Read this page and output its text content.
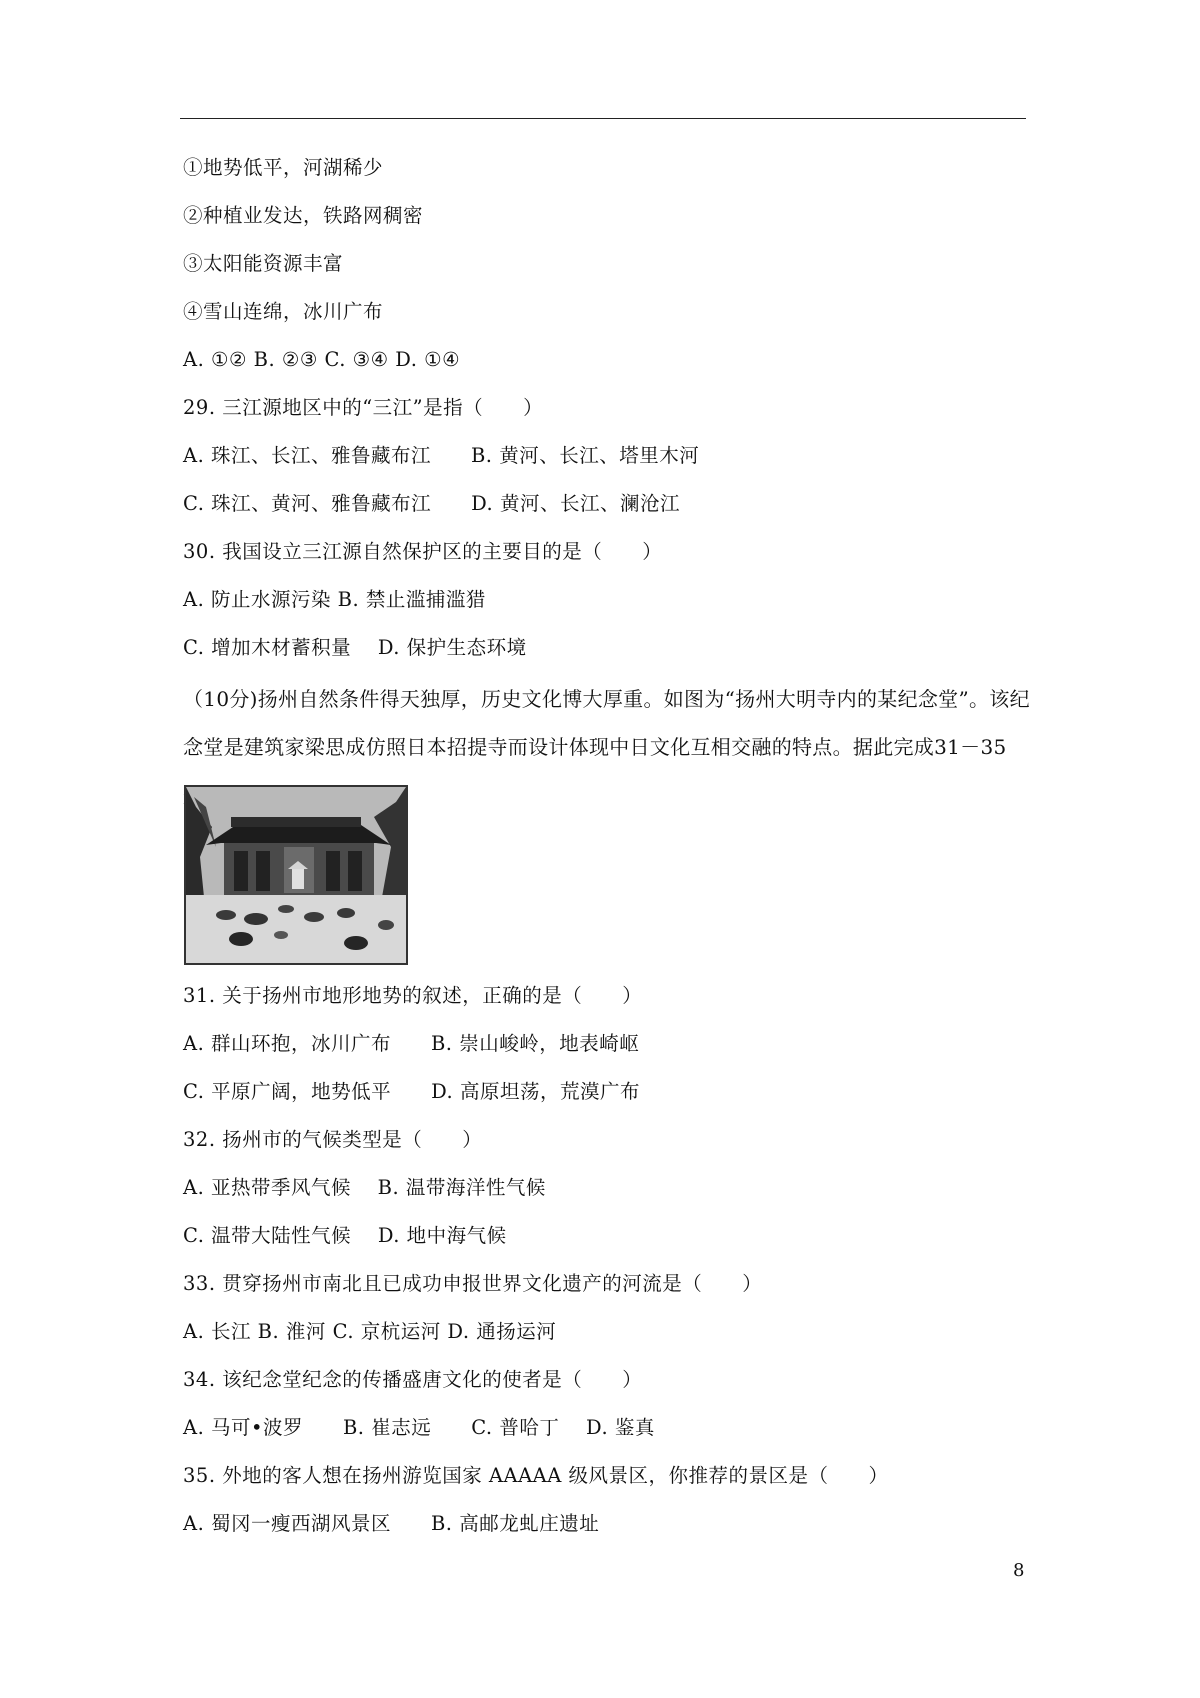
①地势低平，河湖稀少
②种植业发达，铁路网稠密
③太阳能资源丰富
④雪山连绵，冰川广布
A. ①② B. ②③ C. ③④ D. ①④
29. 三江源地区中的“三江”是指（　　）
A. 珠江、长江、雅鲁藏布江　　B. 黄河、长江、塔里木河
C. 珠江、黄河、雅鲁藏布江　　D. 黄河、长江、澜沧江
30. 我国设立三江源自然保护区的主要目的是（　　）
A. 防止水源污染 B. 禁止滥捕滥猎
C. 增加木材蓄积量　 D. 保护生态环境
（10分)扬州自然条件得天独厚，历史文化博大厚重。如图为“扬州大明寺内的某纪念堂”。该纪念堂是建筑家梁思成仿照日本招提寺而设计体现中日文化互相交融的特点。据此完成31－35
31. 关于扬州市地形地势的叙述，正确的是（　　）
A. 群山环抱，冰川广布　　B. 崇山峻岭，地表崎岖
C. 平原广阔，地势低平　　D. 高原坦荡，荒漠广布
32. 扬州市的气候类型是（　　）
A. 亚热带季风气候　 B. 温带海洋性气候
C. 温带大陆性气候　 D. 地中海气候
33. 贯穿扬州市南北且已成功申报世界文化遗产的河流是（　　）
A. 长江 B. 淮河 C. 京杭运河 D. 通扬运河
34. 该纪念堂纪念的传播盛唐文化的使者是（　　）
A. 马可•波罗　　B. 崔志远　　C. 普哈丁　 D. 鉴真
35. 外地的客人想在扬州游览国家 AAAAA 级风景区，你推荐的景区是（　　）
A. 蜀冈一瘦西湖风景区　　B. 高邮龙虬庄遗址
8
